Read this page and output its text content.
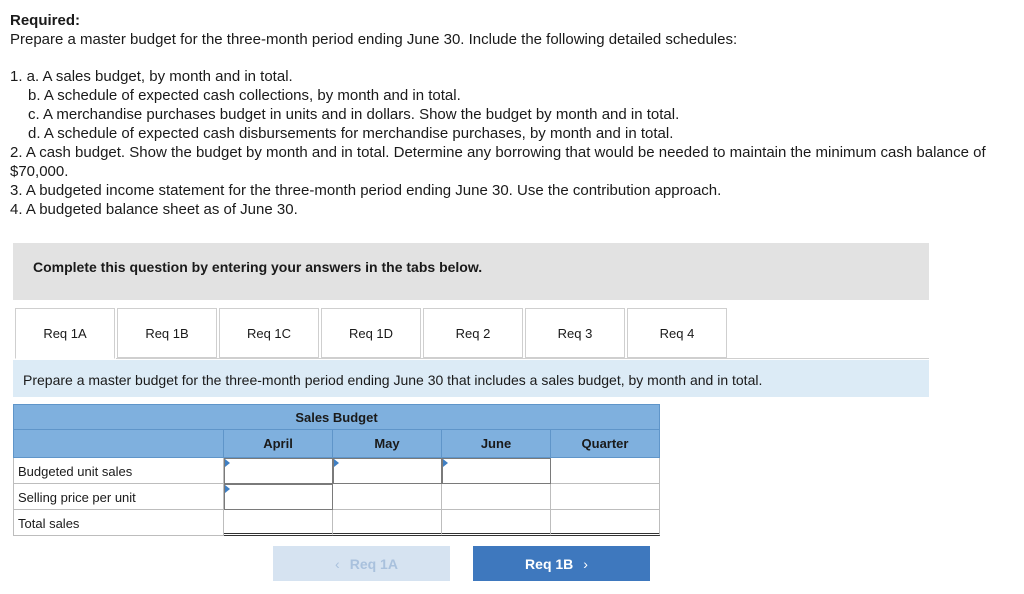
Required:
Prepare a master budget for the three-month period ending June 30. Include the following detailed schedules:
1. a. A sales budget, by month and in total.
b. A schedule of expected cash collections, by month and in total.
c. A merchandise purchases budget in units and in dollars. Show the budget by month and in total.
d. A schedule of expected cash disbursements for merchandise purchases, by month and in total.
2. A cash budget. Show the budget by month and in total. Determine any borrowing that would be needed to maintain the minimum cash balance of $70,000.
3. A budgeted income statement for the three-month period ending June 30. Use the contribution approach.
4. A budgeted balance sheet as of June 30.
Complete this question by entering your answers in the tabs below.
Req 1A	Req 1B	Req 1C	Req 1D	Req 2	Req 3	Req 4
Prepare a master budget for the three-month period ending June 30 that includes a sales budget, by month and in total.
Sales Budget
April	May	June	Quarter
Budgeted unit sales
Selling price per unit
Total sales
‹ Req 1A	Req 1B ›
